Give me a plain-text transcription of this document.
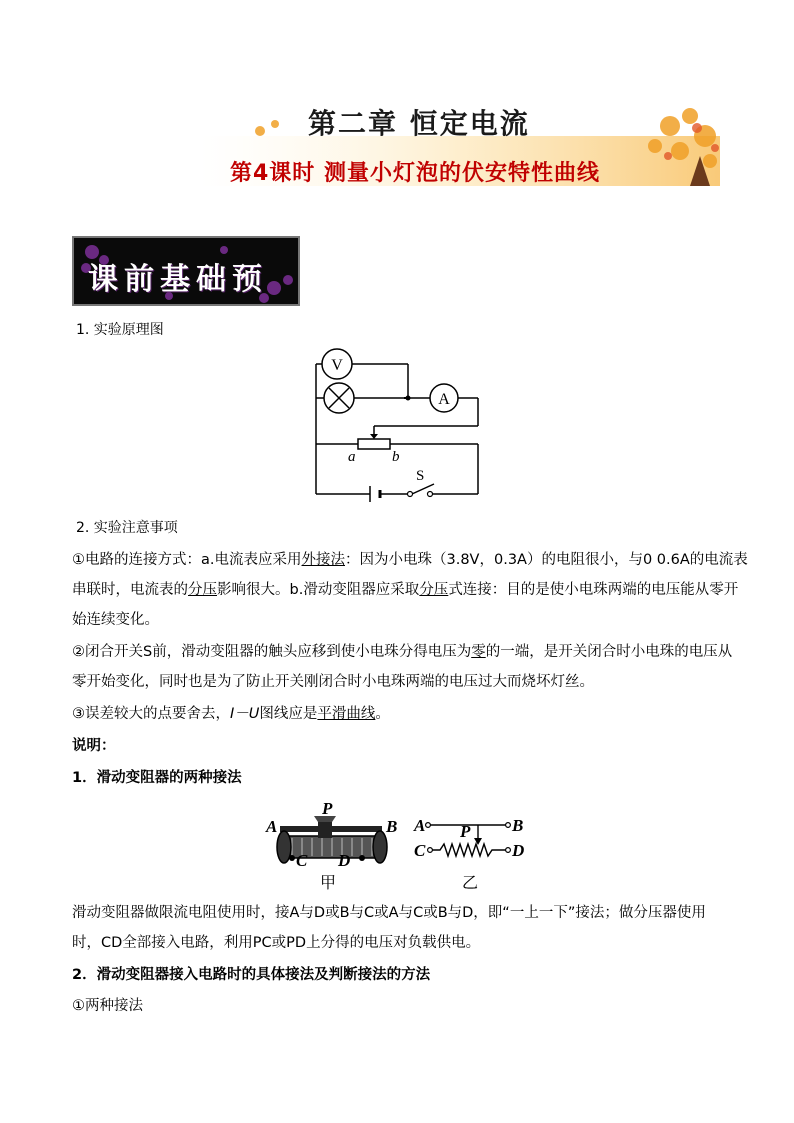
第二章 恒定电流
第4课时 测量小灯泡的伏安特性曲线
课前基础预
1. 实验原理图
V
A
a b
S
2. 实验注意事项
①电路的连接方式：a.电流表应采用外接法：因为小电珠（3.8V，0.3A）的电阻很小，与0 0.6A的电流表
串联时，电流表的分压影响很大。b.滑动变阻器应采取分压式连接：目的是使小电珠两端的电压能从零开
始连续变化。
②闭合开关S前，滑动变阻器的触头应移到使小电珠分得电压为零的一端，是开关闭合时小电珠的电压从
零开始变化，同时也是为了防止开关刚闭合时小电珠两端的电压过大而烧坏灯丝。
③误差较大的点要舍去，I－U图线应是平滑曲线。
说明：
1．滑动变阻器的两种接法
P
A	B
C D
甲
A	B
P
C	D
乙
滑动变阻器做限流电阻使用时，接A与D或B与C或A与C或B与D，即“一上一下”接法；做分压器使用
时，CD全部接入电路，利用PC或PD上分得的电压对负载供电。
2．滑动变阻器接入电路时的具体接法及判断接法的方法
①两种接法
